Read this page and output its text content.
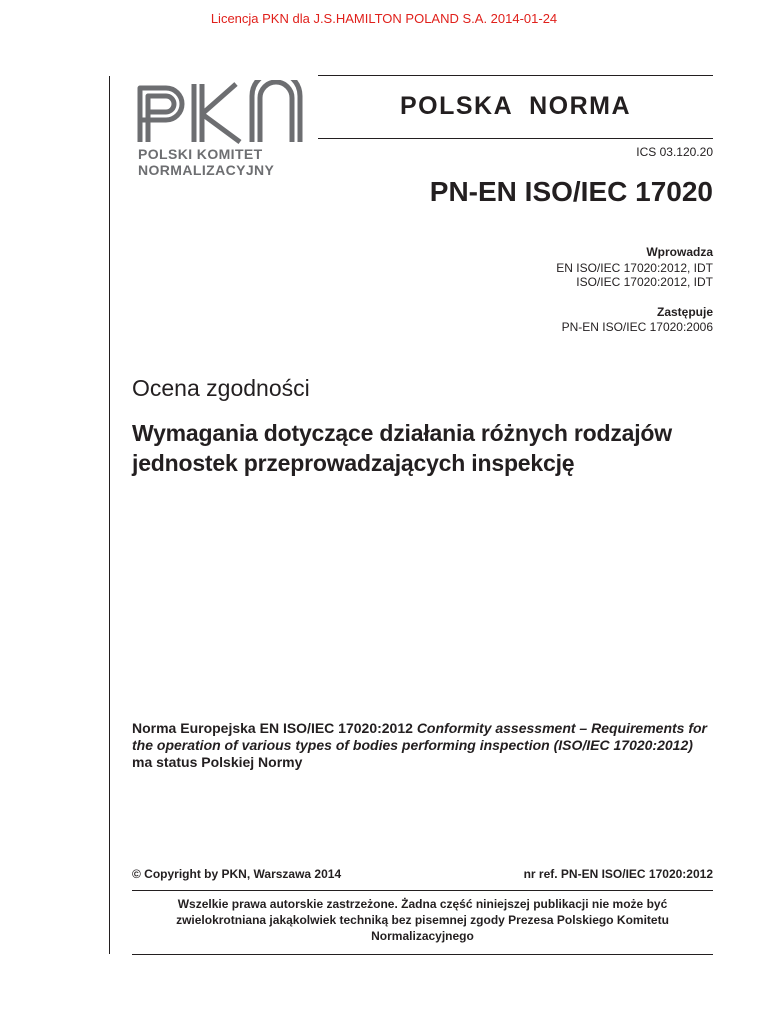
Licencja PKN dla J.S.HAMILTON POLAND S.A. 2014-01-24
POLSKI KOMITET
NORMALIZACYJNY
POLSKA  NORMA
ICS 03.120.20
PN-EN ISO/IEC 17020
Wprowadza
EN ISO/IEC 17020:2012, IDT
ISO/IEC 17020:2012, IDT
Zastępuje
PN-EN ISO/IEC 17020:2006
Ocena zgodności
Wymagania dotyczące działania różnych rodzajów
jednostek przeprowadzających inspekcję
Norma Europejska EN ISO/IEC 17020:2012 Conformity assessment – Requirements for the operation of various types of bodies performing inspection (ISO/IEC 17020:2012) ma status Polskiej Normy
© Copyright by PKN, Warszawa 2014	nr ref. PN-EN ISO/IEC 17020:2012
Wszelkie prawa autorskie zastrzeżone. Żadna część niniejszej publikacji nie może być zwielokrotniana jakąkolwiek techniką bez pisemnej zgody Prezesa Polskiego Komitetu Normalizacyjnego
